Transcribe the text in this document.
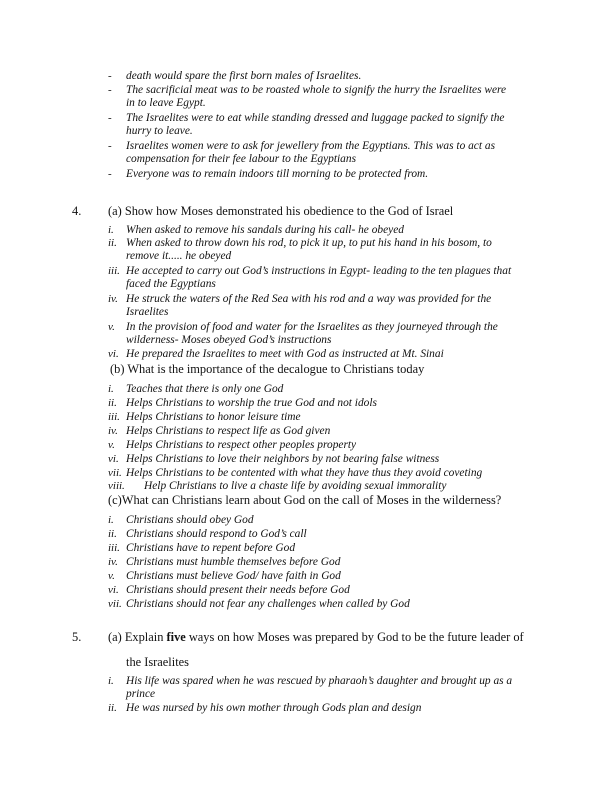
- death would spare the first born males of Israelites.
- The sacrificial meat was to be roasted whole to signify the hurry the Israelites were
in to leave Egypt.
- The Israelites were to eat while standing dressed and luggage packed to signify the
hurry to leave.
- Israelites women were to ask for jewellery from the Egyptians. This was to act as
compensation for their fee labour to the Egyptians
- Everyone was to remain indoors till morning to be protected from.
4. (a) Show how Moses demonstrated his obedience to the God of Israel
i. When asked to remove his sandals during his call- he obeyed
ii. When asked to throw down his rod, to pick it up, to put his hand in his bosom, to
remove it..... he obeyed
iii. He accepted to carry out God’s instructions in Egypt- leading to the ten plagues that
faced the Egyptians
iv. He struck the waters of the Red Sea with his rod and a way was provided for the
Israelites
v. In the provision of food and water for the Israelites as they journeyed through the
wilderness- Moses obeyed God’s instructions
vi. He prepared the Israelites to meet with God as instructed at Mt. Sinai
(b) What is the importance of the decalogue to Christians today
i. Teaches that there is only one God
ii. Helps Christians to worship the true God and not idols
iii. Helps Christians to honor leisure time
iv. Helps Christians to respect life as God given
v. Helps Christians to respect other peoples property
vi. Helps Christians to love their neighbors by not bearing false witness
vii. Helps Christians to be contented with what they have thus they avoid coveting
viii. Help Christians to live a chaste life by avoiding sexual immorality
(c)What can Christians learn about God on the call of Moses in the wilderness?
i. Christians should obey God
ii. Christians should respond to God’s call
iii. Christians have to repent before God
iv. Christians must humble themselves before God
v. Christians must believe God/ have faith in God
vi. Christians should present their needs before God
vii. Christians should not fear any challenges when called by God
5. (a) Explain five ways on how Moses was prepared by God to be the future leader of
the Israelites
i. His life was spared when he was rescued by pharaoh’s daughter and brought up as a
prince
ii. He was nursed by his own mother through Gods plan and design
